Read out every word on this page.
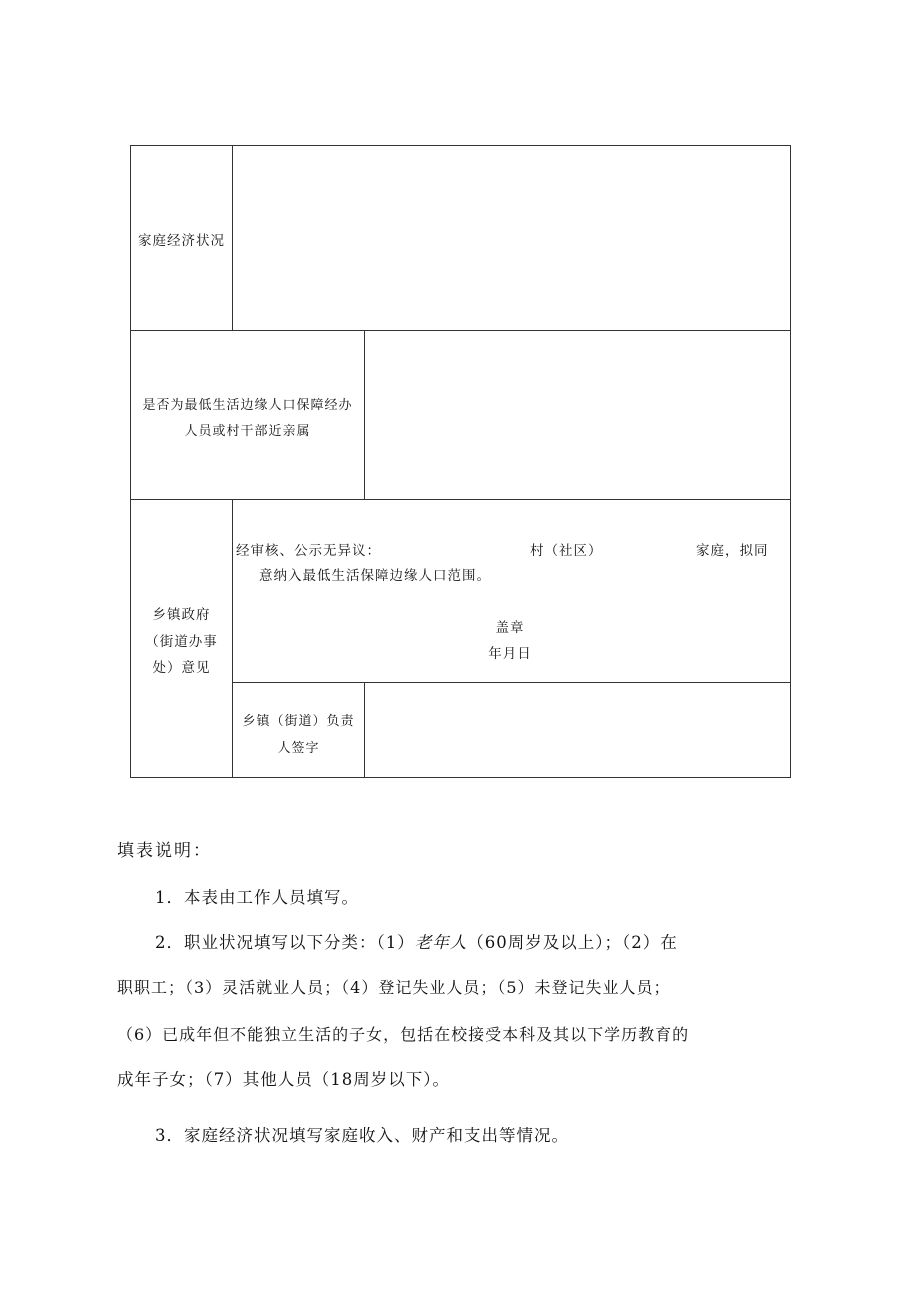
家庭经济状况
是否为最低生活边缘人口保障经办
人员或村干部近亲属
乡镇政府
（街道办事
处）意见
经审核、公示无异议：	村（社区）	家庭，拟同
意纳入最低生活保障边缘人口范围。
盖章
年月日
乡镇（街道）负责
人签字
填表说明：
1．本表由工作人员填写。
2．职业状况填写以下分类：（1）老年人（60周岁及以上）；（2）在
职职工；（3）灵活就业人员；（4）登记失业人员；（5）未登记失业人员；
（6）已成年但不能独立生活的子女，包括在校接受本科及其以下学历教育的
成年子女；（7）其他人员（18周岁以下）。
3．家庭经济状况填写家庭收入、财产和支出等情况。
